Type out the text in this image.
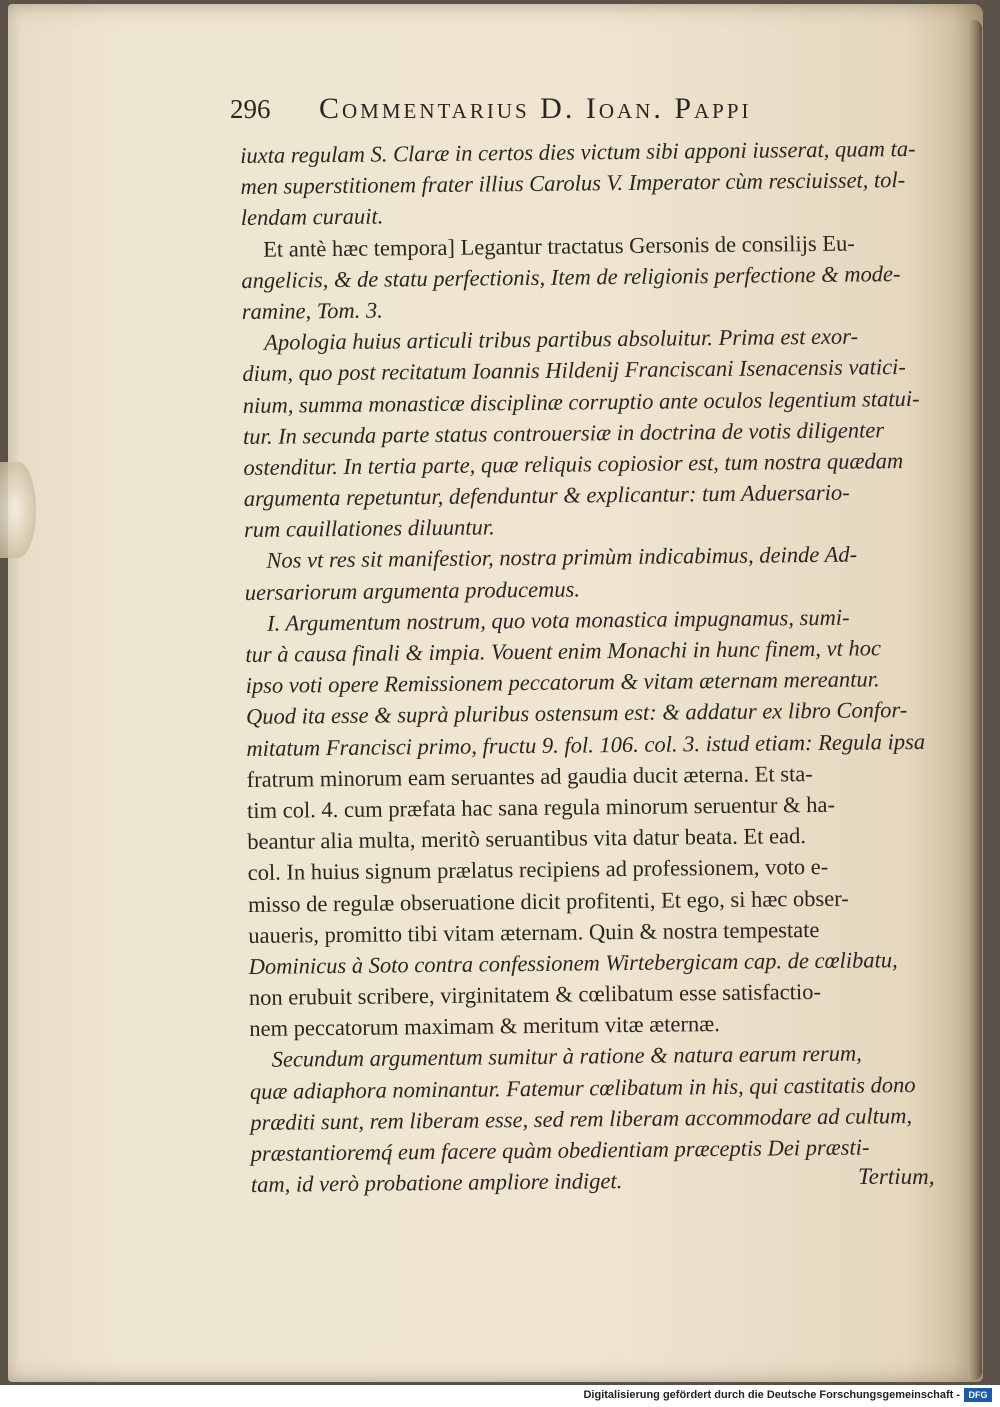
296 Commentarius D. Ioan. Pappi
iuxta regulam S. Claræ in certos dies victum sibi apponi iusserat, quam ta-
men superstitionem frater illius Carolus V. Imperator cùm resciuisset, tol-
lendam curauit.
Et antè hæc tempora] Legantur tractatus Gersonis de consilijs Eu-
angelicis, & de statu perfectionis, Item de religionis perfectione & mode-
ramine, Tom. 3.
Apologia huius articuli tribus partibus absoluitur. Prima est exor-
dium, quo post recitatum Ioannis Hildenij Franciscani Isenacensis vatici-
nium, summa monasticæ disciplinæ corruptio ante oculos legentium statui-
tur. In secunda parte status controuersiæ in doctrina de votis diligenter
ostenditur. In tertia parte, quæ reliquis copiosior est, tum nostra quædam
argumenta repetuntur, defenduntur & explicantur: tum Aduersario-
rum cauillationes diluuntur.
Nos vt res sit manifestior, nostra primùm indicabimus, deinde Ad-
uersariorum argumenta producemus.
I. Argumentum nostrum, quo vota monastica impugnamus, sumi-
tur à causa finali & impia. Vouent enim Monachi in hunc finem, vt hoc
ipso voti opere Remissionem peccatorum & vitam æternam mereantur.
Quod ita esse & suprà pluribus ostensum est: & addatur ex libro Confor-
mitatum Francisci primo, fructu 9. fol. 106. col. 3. istud etiam: Regula ipsa
fratrum minorum eam seruantes ad gaudia ducit æterna. Et sta-
tim col. 4. cum præfata hac sana regula minorum seruentur & ha-
beantur alia multa, meritò seruantibus vita datur beata. Et ead.
col. In huius signum prælatus recipiens ad professionem, voto e-
misso de regulæ obseruatione dicit profitenti, Et ego, si hæc obser-
uaueris, promitto tibi vitam æternam. Quin & nostra tempestate
Dominicus à Soto contra confessionem Wirtebergicam cap. de cœlibatu,
non erubuit scribere, virginitatem & cœlibatum esse satisfactio-
nem peccatorum maximam & meritum vitæ æternæ.
Secundum argumentum sumitur à ratione & natura earum rerum,
quæ adiaphora nominantur. Fatemur cœlibatum in his, qui castitatis dono
præditi sunt, rem liberam esse, sed rem liberam accommodare ad cultum,
præstantioremq́ eum facere quàm obedientiam præceptis Dei præsti-
tam, id verò probatione ampliore indiget.	Tertium,
Digitalisierung gefördert durch die Deutsche Forschungsgemeinschaft - DFG
